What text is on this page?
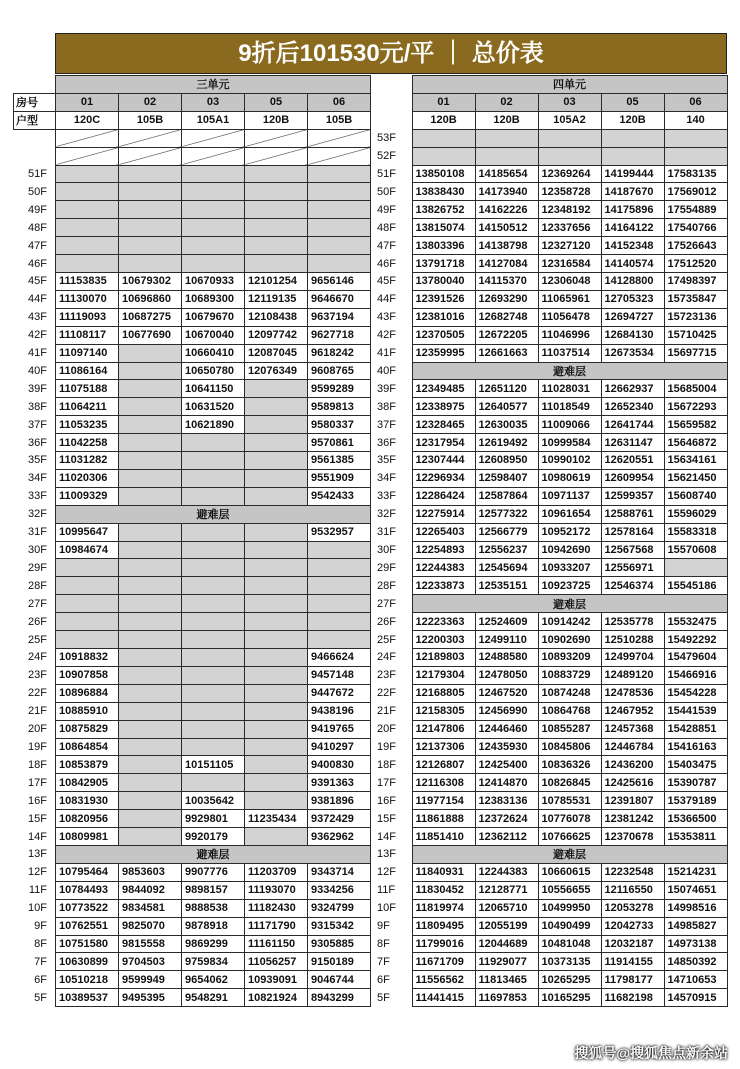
9折后101530元/平 ｜ 总价表
	三单元				
房号	01	02	03	05	06
户型	120C	105B	105A1	120B	105B

51F					
50F					
49F					
48F					
47F					
46F					
45F	11153835	10679302	10670933	12101254	9656146
44F	11130070	10696860	10689300	12119135	9646670
43F	11119093	10687275	10679670	12108438	9637194
42F	11108117	10677690	10670040	12097742	9627718
41F	11097140		10660410	12087045	9618242
40F	11086164		10650780	12076349	9608765
39F	11075188		10641150		9599289
38F	11064211		10631520		9589813
37F	11053235		10621890		9580337
36F	11042258				9570861
35F	11031282				9561385
34F	11020306				9551909
33F	11009329				9542433
32F	避难层				
31F	10995647				9532957
30F	10984674				
29F					
28F					
27F					
26F					
25F					
24F	10918832				9466624
23F	10907858				9457148
22F	10896884				9447672
21F	10885910				9438196
20F	10875829				9419765
19F	10864854				9410297
18F	10853879		10151105		9400830
17F	10842905				9391363
16F	10831930		10035642		9381896
15F	10820956		9929801	11235434	9372429
14F	10809981		9920179		9362962
13F	避难层				
12F	10795464	9853603	9907776	11203709	9343714
11F	10784493	9844092	9898157	11193070	9334256
10F	10773522	9834581	9888538	11182430	9324799
9F	10762551	9825070	9878918	11171790	9315342
8F	10751580	9815558	9869299	11161150	9305885
7F	10630899	9704503	9759834	11056257	9150189
6F	10510218	9599949	9654062	10939091	9046744
5F	10389537	9495395	9548291	10821924	8943299
	四单元				
	01	02	03	05	06
	120B	120B	105A2	120B	140
53F					
52F					
51F	13850108	14185654	12369264	14199444	17583135
50F	13838430	14173940	12358728	14187670	17569012
49F	13826752	14162226	12348192	14175896	17554889
48F	13815074	14150512	12337656	14164122	17540766
47F	13803396	14138798	12327120	14152348	17526643
46F	13791718	14127084	12316584	14140574	17512520
45F	13780040	14115370	12306048	14128800	17498397
44F	12391526	12693290	11065961	12705323	15735847
43F	12381016	12682748	11056478	12694727	15723136
42F	12370505	12672205	11046996	12684130	15710425
41F	12359995	12661663	11037514	12673534	15697715
40F	避难层				
39F	12349485	12651120	11028031	12662937	15685004
38F	12338975	12640577	11018549	12652340	15672293
37F	12328465	12630035	11009066	12641744	15659582
36F	12317954	12619492	10999584	12631147	15646872
35F	12307444	12608950	10990102	12620551	15634161
34F	12296934	12598407	10980619	12609954	15621450
33F	12286424	12587864	10971137	12599357	15608740
32F	12275914	12577322	10961654	12588761	15596029
31F	12265403	12566779	10952172	12578164	15583318
30F	12254893	12556237	10942690	12567568	15570608
29F	12244383	12545694	10933207	12556971	
28F	12233873	12535151	10923725	12546374	15545186
27F	避难层				
26F	12223363	12524609	10914242	12535778	15532475
25F	12200303	12499110	10902690	12510288	15492292
24F	12189803	12488580	10893209	12499704	15479604
23F	12179304	12478050	10883729	12489120	15466916
22F	12168805	12467520	10874248	12478536	15454228
21F	12158305	12456990	10864768	12467952	15441539
20F	12147806	12446460	10855287	12457368	15428851
19F	12137306	12435930	10845806	12446784	15416163
18F	12126807	12425400	10836326	12436200	15403475
17F	12116308	12414870	10826845	12425616	15390787
16F	11977154	12383136	10785531	12391807	15379189
15F	11861888	12372624	10776078	12381242	15366500
14F	11851410	12362112	10766625	12370678	15353811
13F	避难层				
12F	11840931	12244383	10660615	12232548	15214231
11F	11830452	12128771	10556655	12116550	15074651
10F	11819974	12065710	10499950	12053278	14998516
9F	11809495	12055199	10490499	12042733	14985827
8F	11799016	12044689	10481048	12032187	14973138
7F	11671709	11929077	10373135	11914155	14850392
6F	11556562	11813465	10265295	11798177	14710653
5F	11441415	11697853	10165295	11682198	14570915
搜狐号@搜狐焦点新余站
